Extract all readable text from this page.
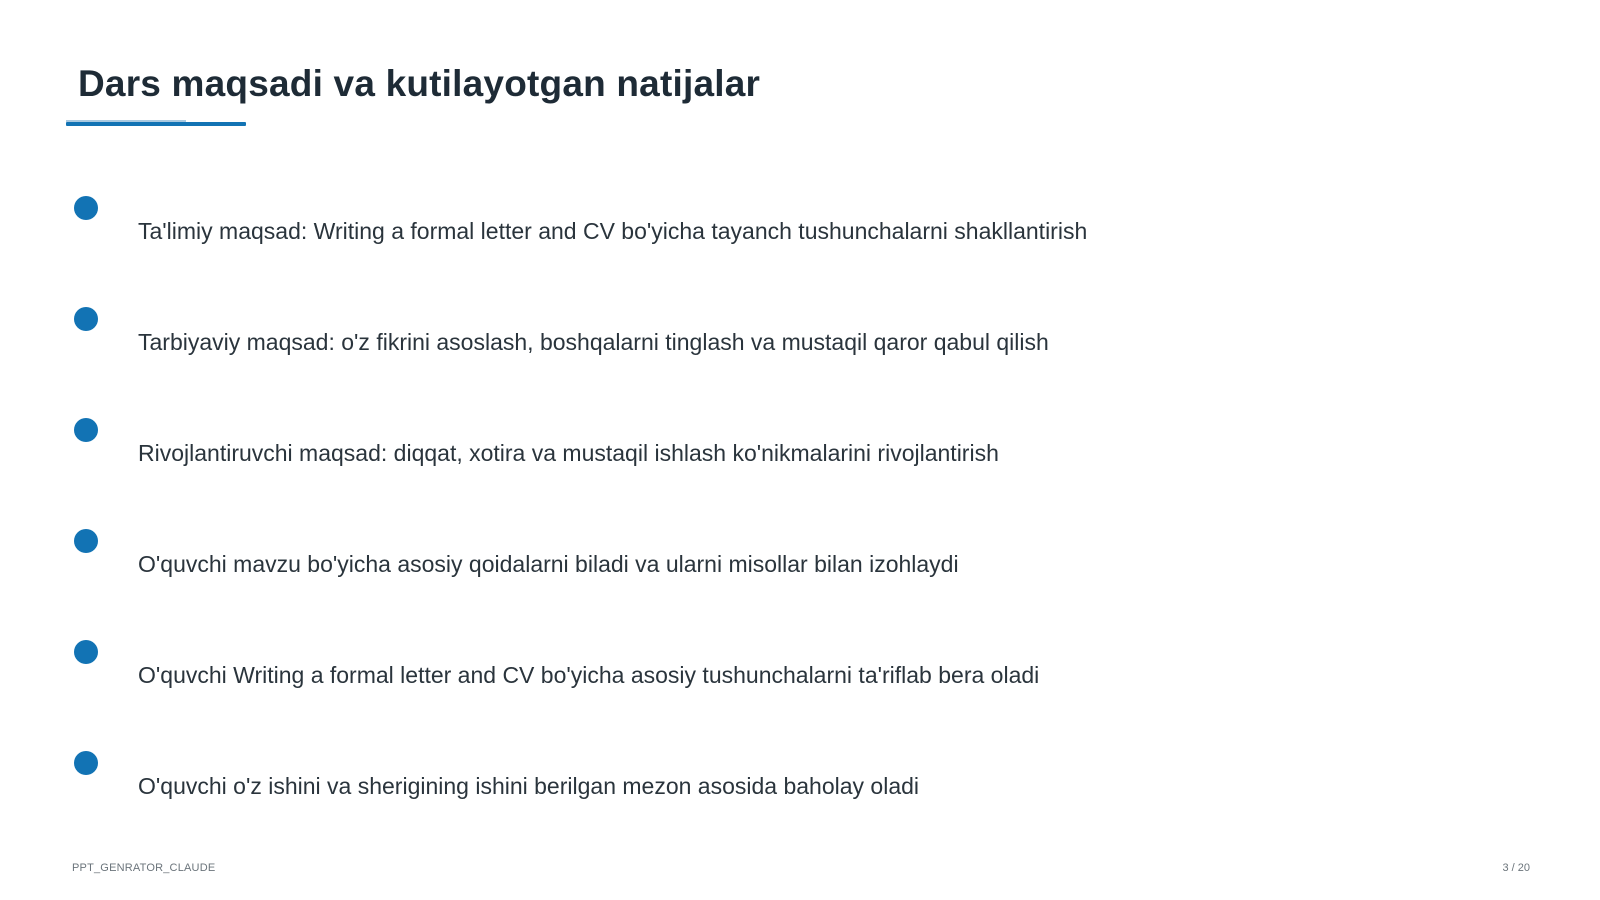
Dars maqsadi va kutilayotgan natijalar
Ta'limiy maqsad: Writing a formal letter and CV bo'yicha tayanch tushunchalarni shakllantirish
Tarbiyaviy maqsad: o'z fikrini asoslash, boshqalarni tinglash va mustaqil qaror qabul qilish
Rivojlantiruvchi maqsad: diqqat, xotira va mustaqil ishlash ko'nikmalarini rivojlantirish
O'quvchi mavzu bo'yicha asosiy qoidalarni biladi va ularni misollar bilan izohlaydi
O'quvchi Writing a formal letter and CV bo'yicha asosiy tushunchalarni ta'riflab bera oladi
O'quvchi o'z ishini va sherigining ishini berilgan mezon asosida baholay oladi
PPT_GENRATOR_CLAUDE	3 / 20
